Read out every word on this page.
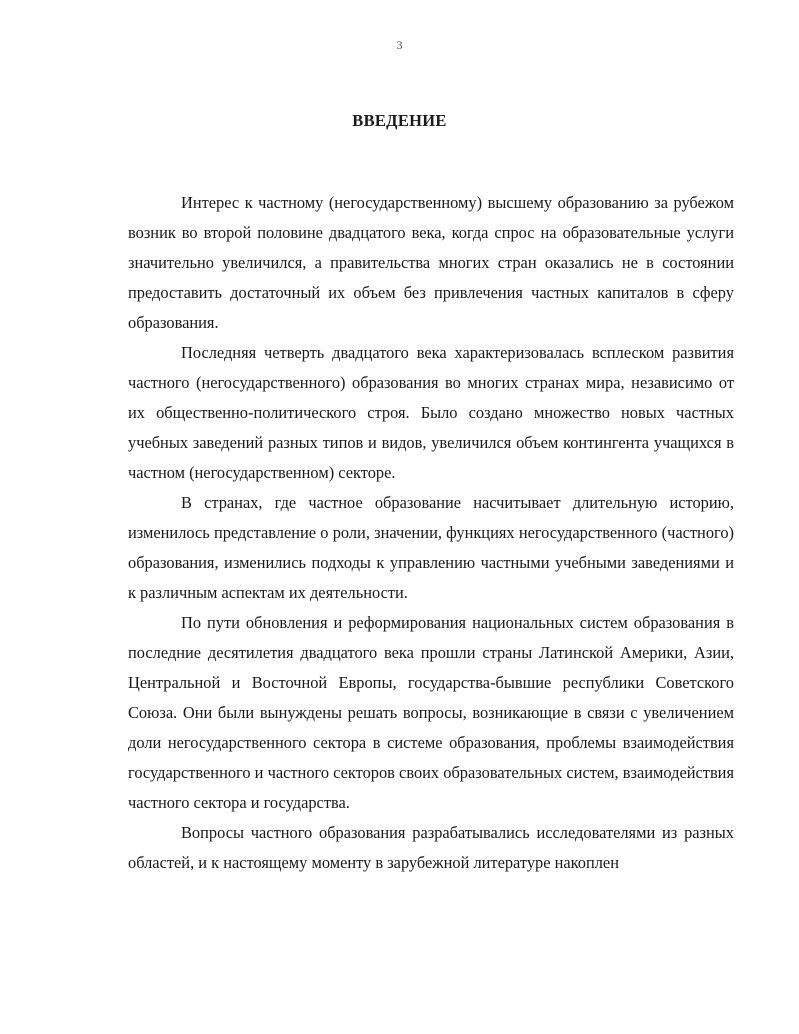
3
ВВЕДЕНИЕ

Интерес к частному (негосударственному) высшему образованию за рубежом возник во второй половине двадцатого века, когда спрос на образовательные услуги значительно увеличился, а правительства многих стран оказались не в состоянии предоставить достаточный их объем без привлечения частных капиталов в сферу образования.

Последняя четверть двадцатого века характеризовалась всплеском развития частного (негосударственного) образования во многих странах мира, независимо от их общественно-политического строя. Было создано множество новых частных учебных заведений разных типов и видов, увеличился объем контингента учащихся в частном (негосударственном) секторе.

В странах, где частное образование насчитывает длительную историю, изменилось представление о роли, значении, функциях негосударственного (частного) образования, изменились подходы к управлению частными учебными заведениями и к различным аспектам их деятельности.

По пути обновления и реформирования национальных систем образования в последние десятилетия двадцатого века прошли страны Латинской Америки, Азии, Центральной и Восточной Европы, государства-бывшие республики Советского Союза. Они были вынуждены решать вопросы, возникающие в связи с увеличением доли негосударственного сектора в системе образования, проблемы взаимодействия государственного и частного секторов своих образовательных систем, взаимодействия частного сектора и государства.

Вопросы частного образования разрабатывались исследователями из разных областей, и к настоящему моменту в зарубежной литературе накоплен
